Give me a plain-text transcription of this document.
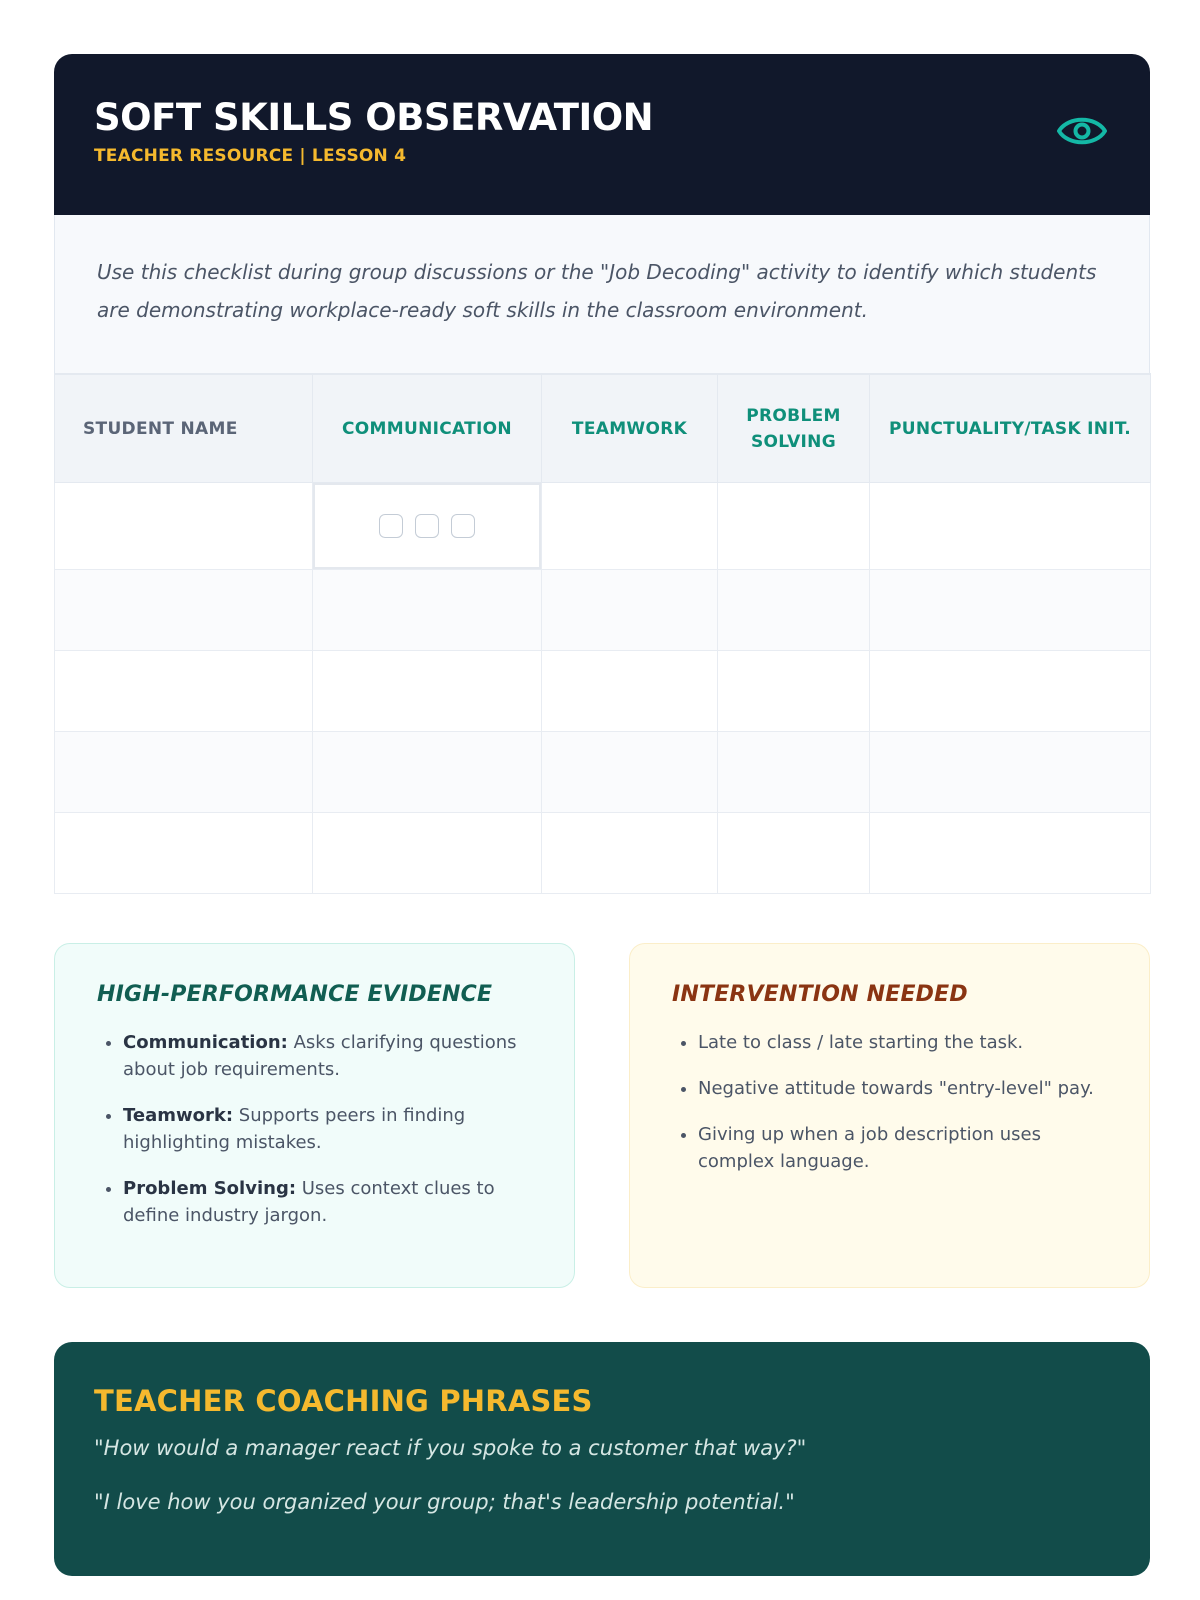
SOFT SKILLS OBSERVATION
TEACHER RESOURCE | LESSON 4
Use this checklist during group discussions or the "Job Decoding" activity to identify which students are demonstrating workplace-ready soft skills in the classroom environment.
STUDENT NAME	COMMUNICATION	TEAMWORK	PROBLEM SOLVING	PUNCTUALITY/TASK INIT.

HIGH-PERFORMANCE EVIDENCE
• Communication: Asks clarifying questions about job requirements.
• Teamwork: Supports peers in finding highlighting mistakes.
• Problem Solving: Uses context clues to define industry jargon.
INTERVENTION NEEDED
• Late to class / late starting the task.
• Negative attitude towards "entry-level" pay.
• Giving up when a job description uses complex language.
TEACHER COACHING PHRASES

"How would a manager react if you spoke to a customer that way?"

"I love how you organized your group; that's leadership potential."
